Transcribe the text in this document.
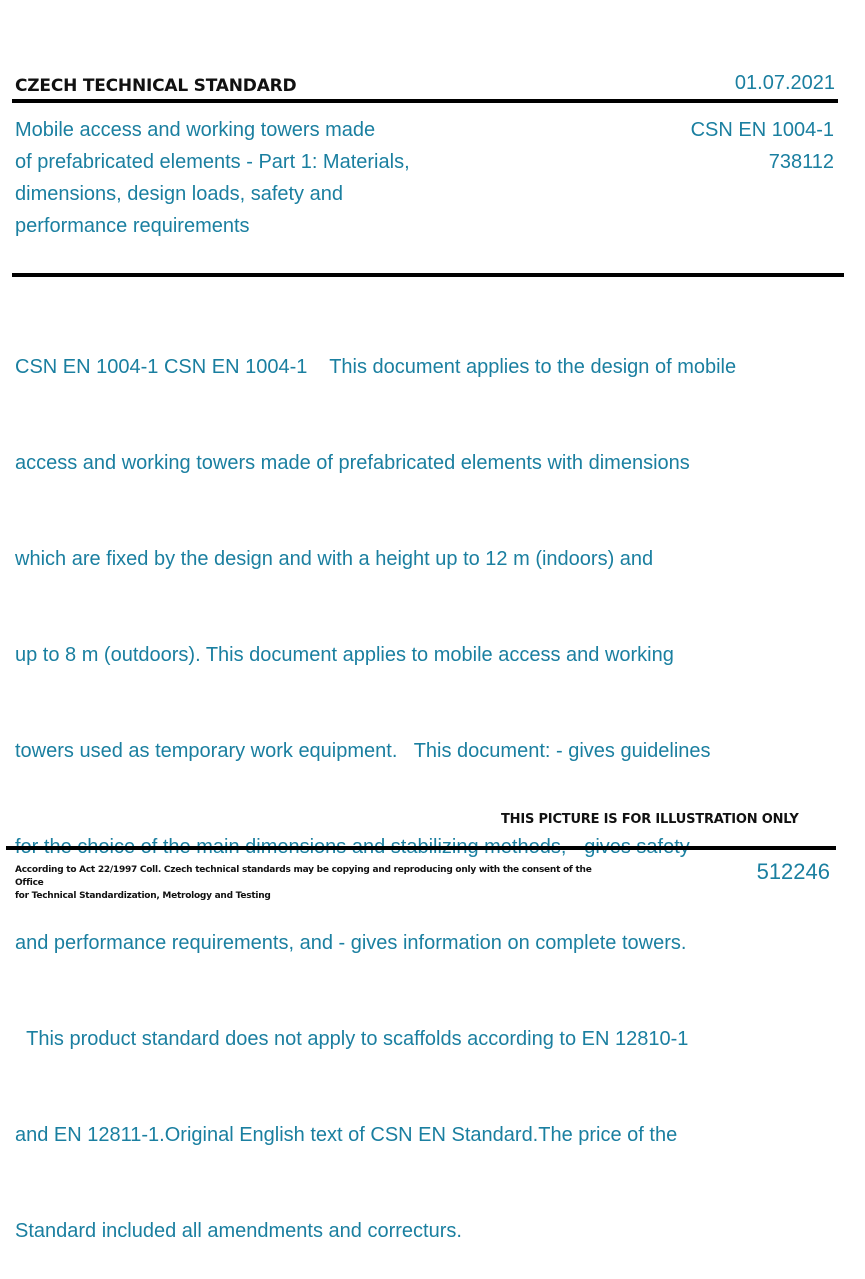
CZECH TECHNICAL STANDARD	01.07.2021
Mobile access and working towers made
of prefabricated elements - Part 1: Materials,
dimensions, design loads, safety and
performance requirements
CSN EN 1004-1
738112

CSN EN 1004-1 CSN EN 1004-1    This document applies to the design of mobile

access and working towers made of prefabricated elements with dimensions

which are fixed by the design and with a height up to 12 m (indoors) and

up to 8 m (outdoors). This document applies to mobile access and working

towers used as temporary work equipment.   This document: - gives guidelines

and performance requirements, and - gives information on complete towers.

This product standard does not apply to scaffolds according to EN 12810-1

and EN 12811-1.Original English text of CSN EN Standard.The price of the

Standard included all amendments and correcturs.

THIS PICTURE IS FOR ILLUSTRATION ONLY
According to Act 22/1997 Coll. Czech technical standards may be copying and reproducing only with the consent of the Office
for Technical Standardization, Metrology and Testing
512246
